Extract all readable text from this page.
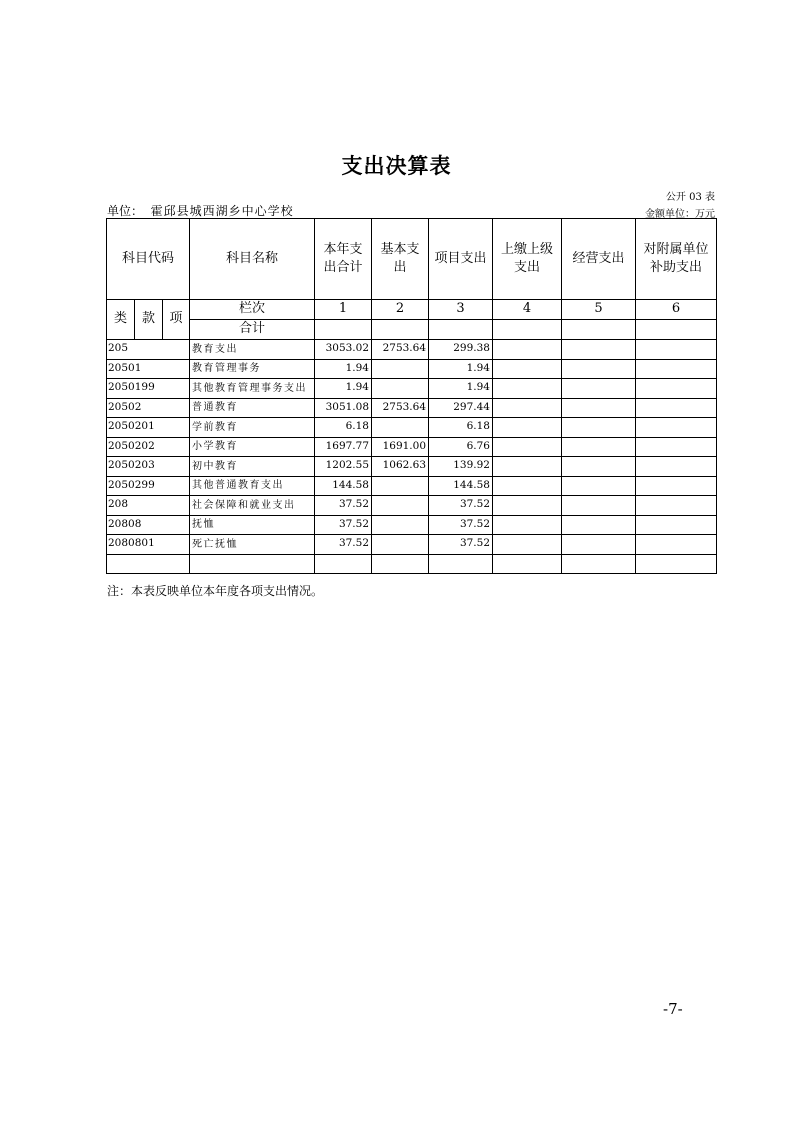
支出决算表
公开 03 表
单位： 霍邱县城西湖乡中心学校	金额单位：万元
科目代码			科目名称	本年支出合计	基本支出	项目支出	上缴上级支出	经营支出	对附属单位补助支出
类	款	项	栏次	1	2	3	4	5	6
			合计						
205			教育支出	3053.02	2753.64	299.38			
20501			教育管理事务	1.94		1.94			
2050199			其他教育管理事务支出	1.94		1.94			
20502			普通教育	3051.08	2753.64	297.44			
2050201			学前教育	6.18		6.18			
2050202			小学教育	1697.77	1691.00	6.76			
2050203			初中教育	1202.55	1062.63	139.92			
2050299			其他普通教育支出	144.58		144.58			
208			社会保障和就业支出	37.52		37.52			
20808			抚恤	37.52		37.52			
2080801			死亡抚恤	37.52		37.52			

注：本表反映单位本年度各项支出情况。
-7-
